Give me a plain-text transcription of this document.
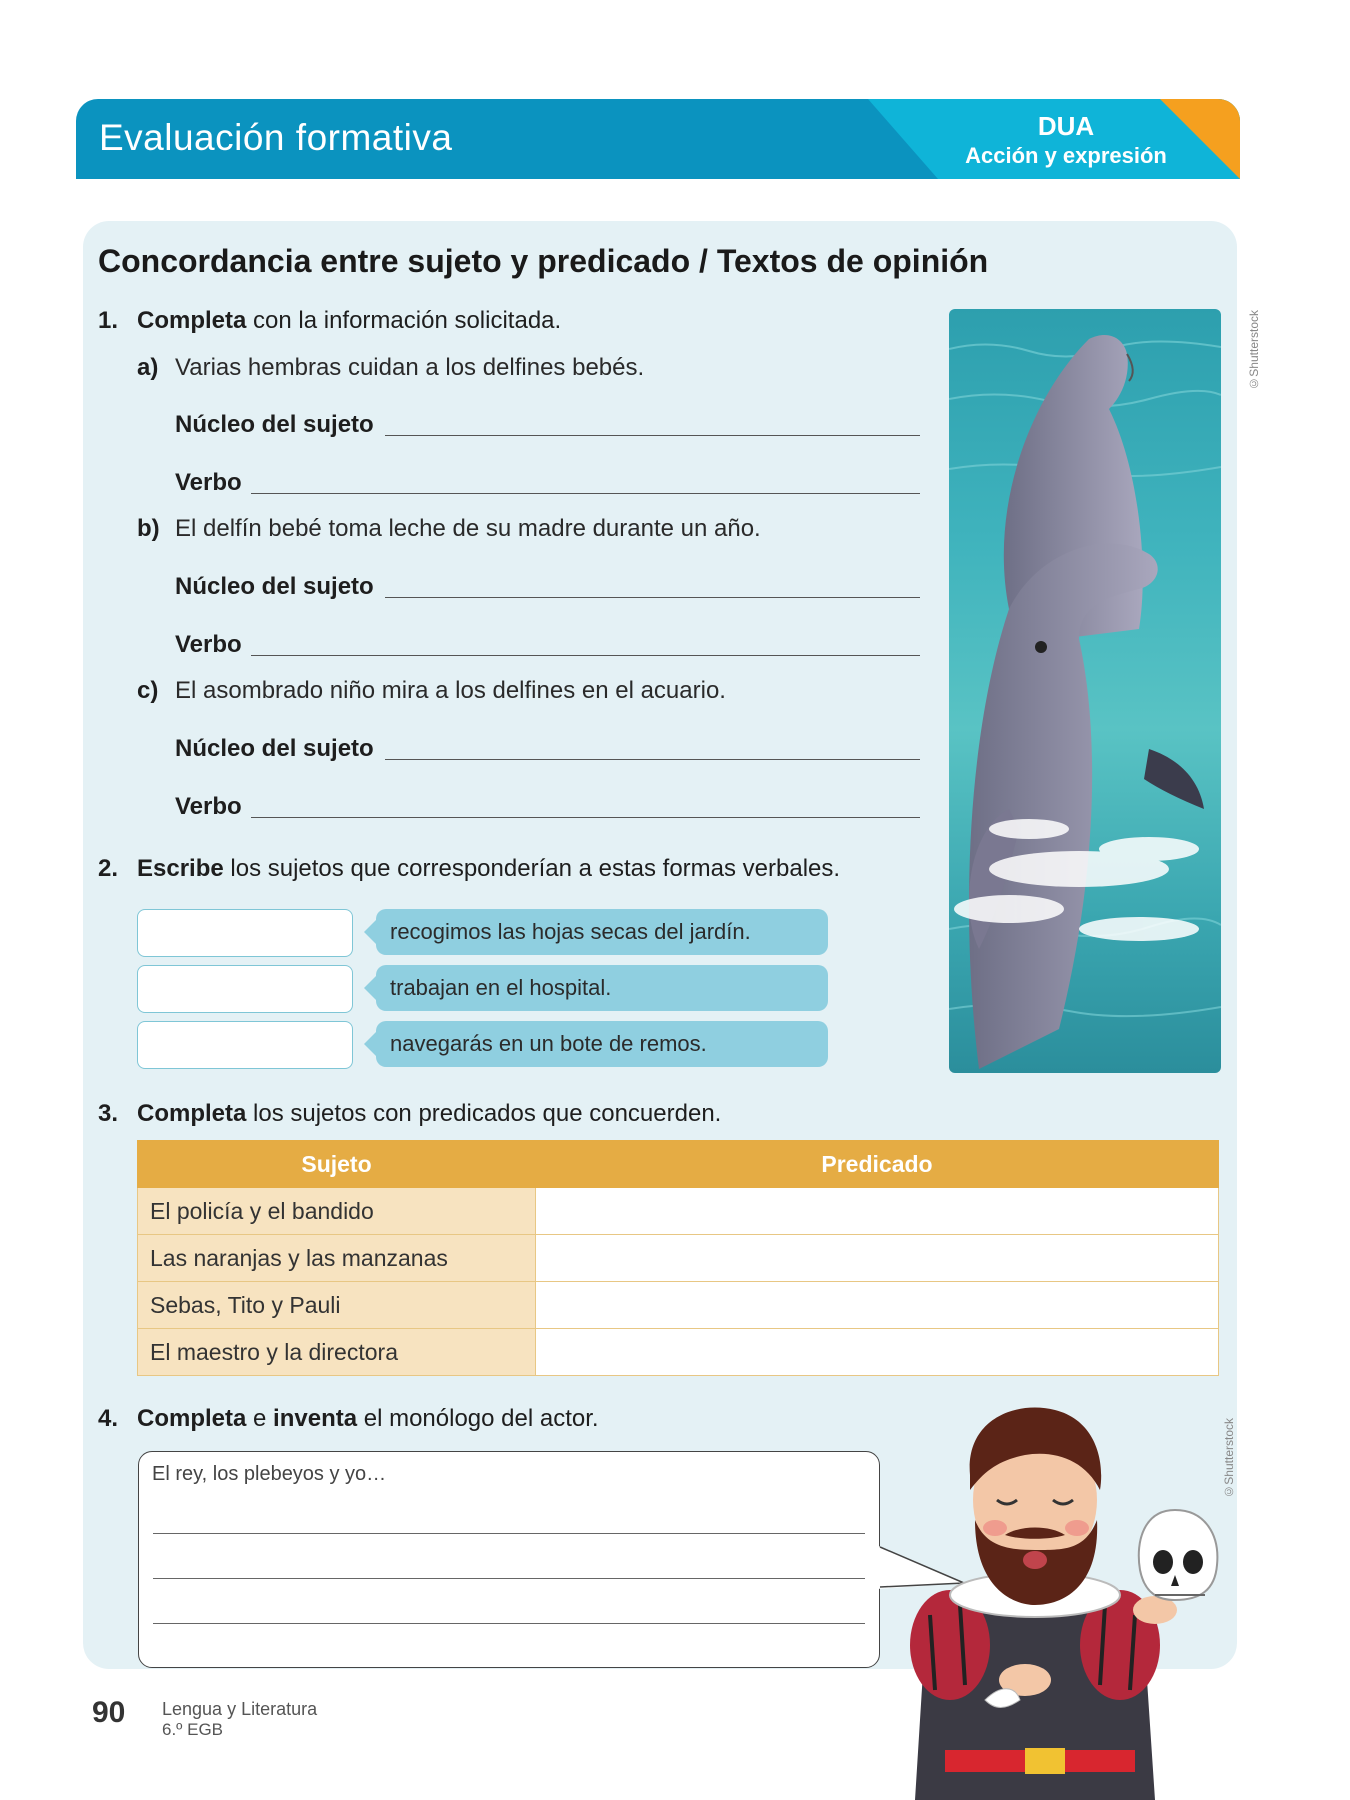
Evaluación formativa	DUA
Acción y expresión
Concordancia entre sujeto y predicado / Textos de opinión
1. Completa con la información solicitada.
a) Varias hembras cuidan a los delfines bebés.
Núcleo del sujeto
Verbo
b) El delfín bebé toma leche de su madre durante un año.
Núcleo del sujeto
Verbo
c) El asombrado niño mira a los delfines en el acuario.
Núcleo del sujeto
Verbo
©Shutterstock
2. Escribe los sujetos que corresponderían a estas formas verbales.
recogimos las hojas secas del jardín.
trabajan en el hospital.
navegarás en un bote de remos.
3. Completa los sujetos con predicados que concuerden.
Sujeto	Predicado
El policía y el bandido	
Las naranjas y las manzanas	
Sebas, Tito y Pauli	
El maestro y la directora	
4. Completa e inventa el monólogo del actor.
El rey, los plebeyos y yo…	©Shutterstock
90 Lengua y Literatura
6.º EGB
